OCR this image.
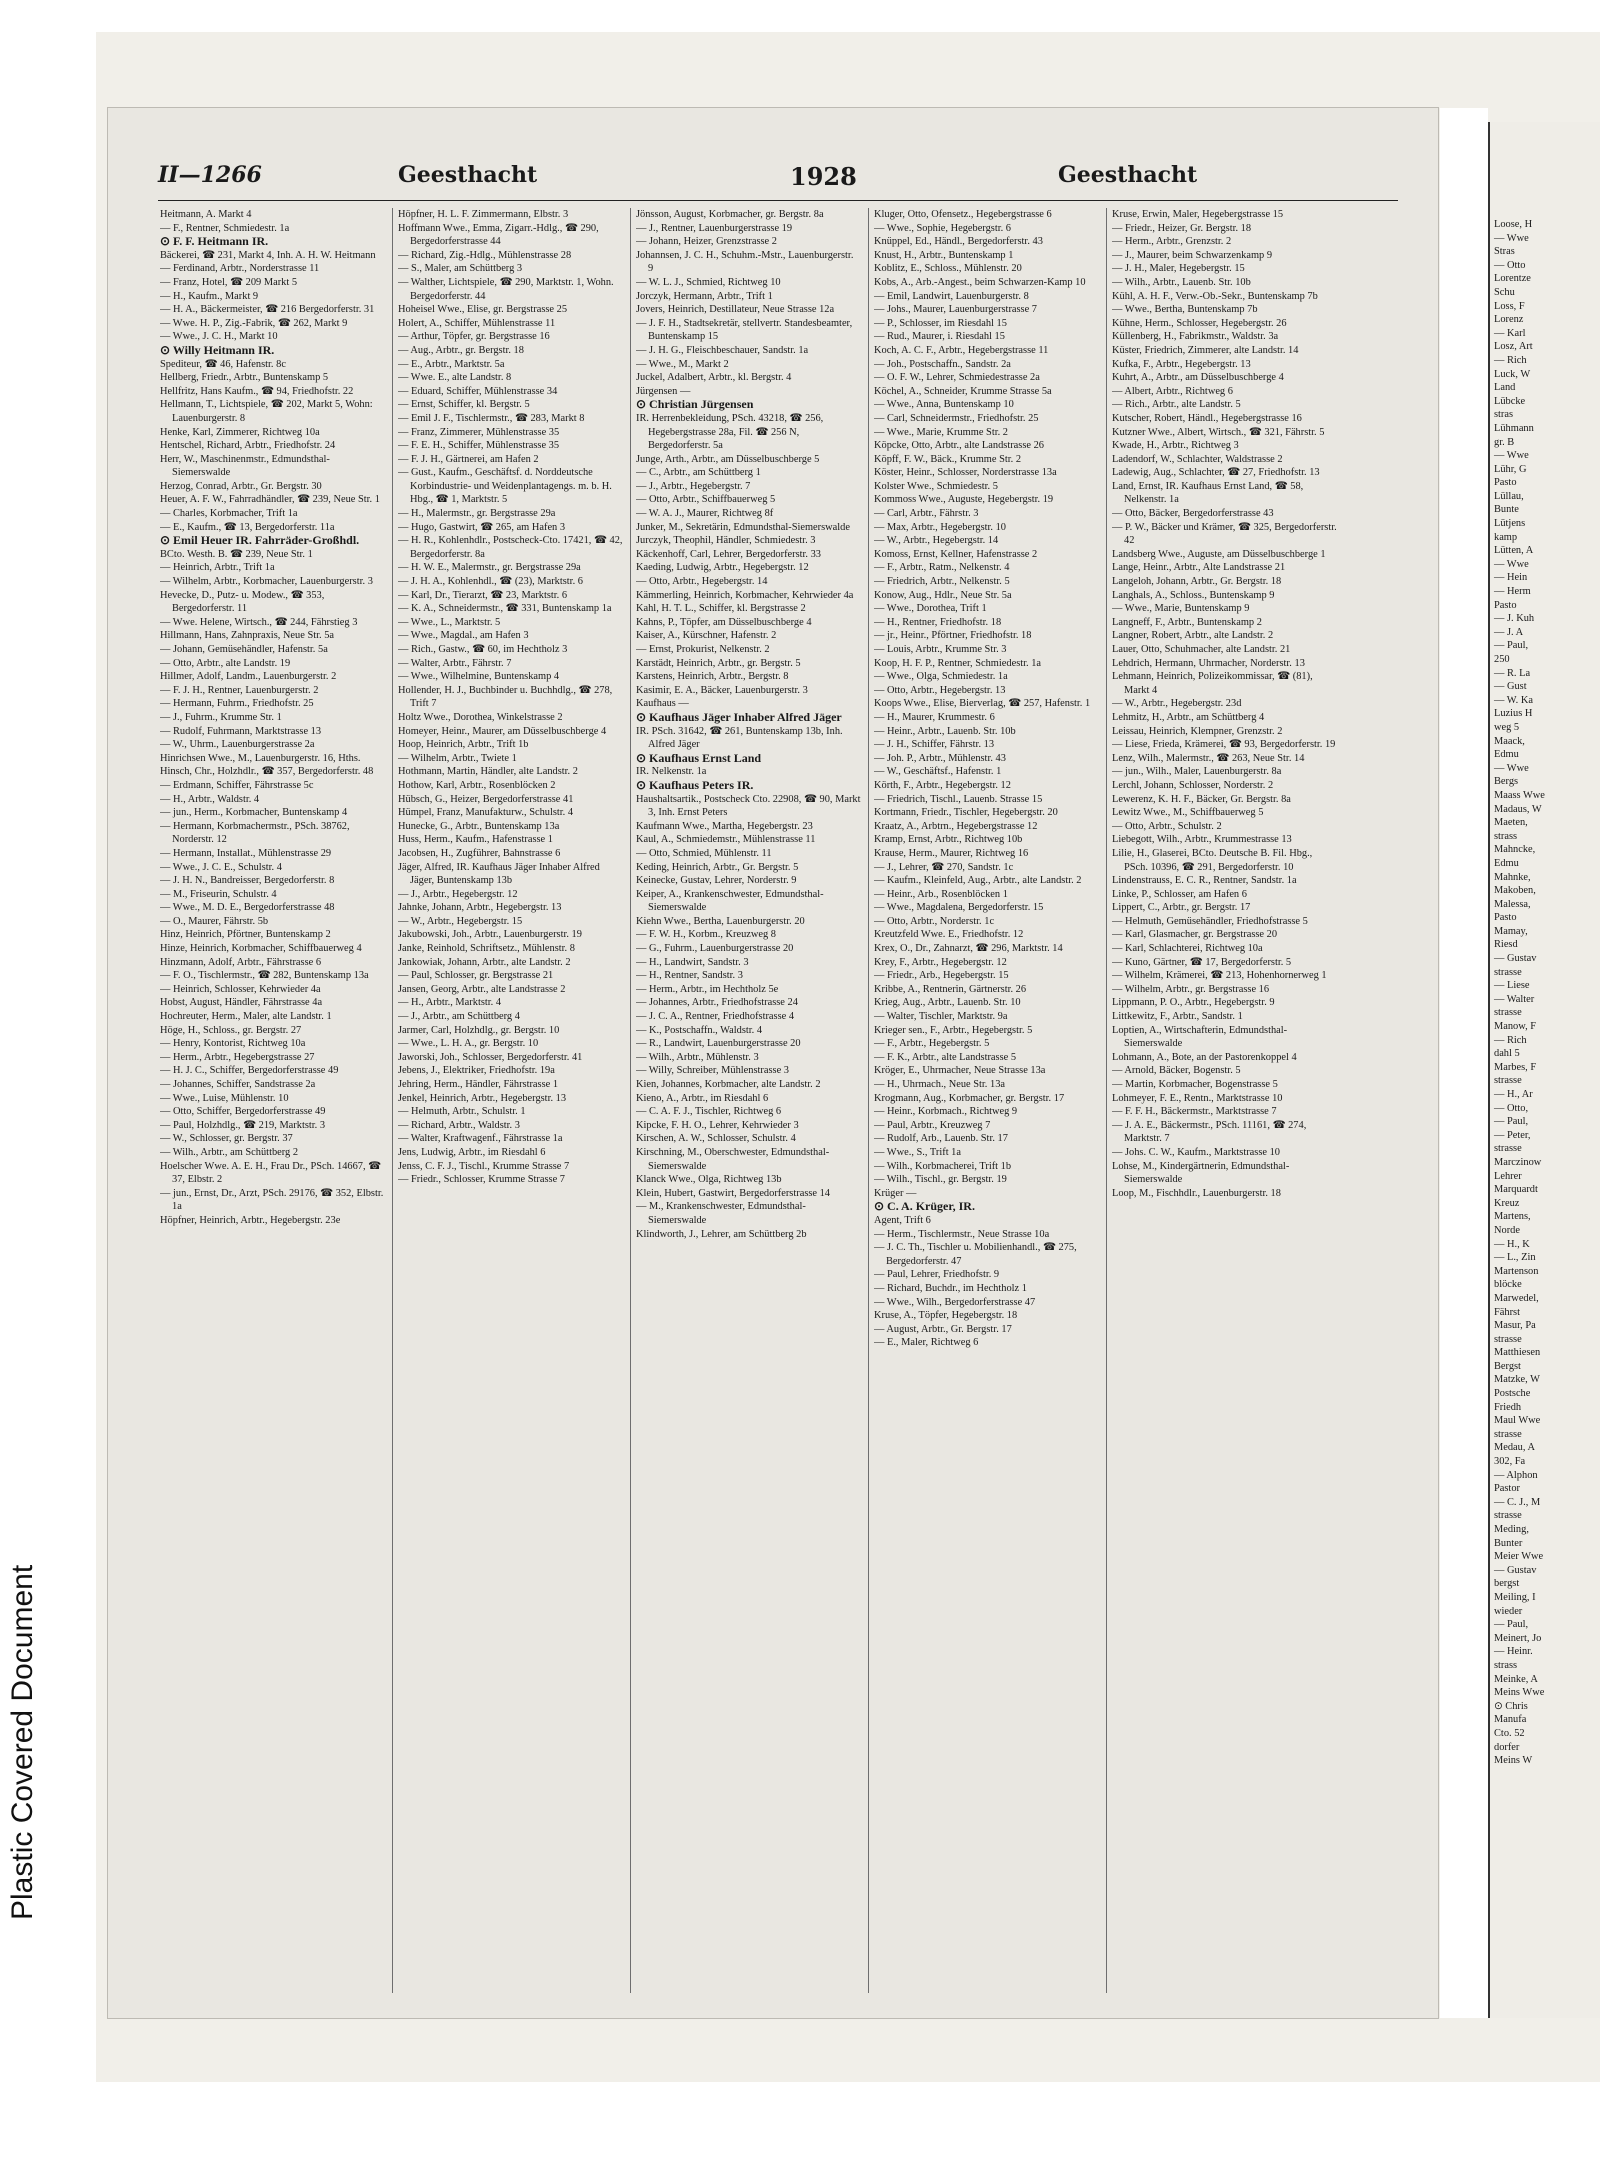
Plastic Covered Document
II—1266	Geesthacht	1928	Geesthacht
Heitmann, A. Markt 4
— F., Rentner, Schmiedestr. 1a
⊙ F. F. Heitmann IR.
Bäckerei, ☎ 231, Markt 4, Inh. A. H. W. Heitmann
— Ferdinand, Arbtr., Norderstrasse 11
— Franz, Hotel, ☎ 209 Markt 5
— H., Kaufm., Markt 9
— H. A., Bäckermeister, ☎ 216 Bergedorferstr. 31
— Wwe. H. P., Zig.-Fabrik, ☎ 262, Markt 9
— Wwe., J. C. H., Markt 10
⊙ Willy Heitmann IR.
Spediteur, ☎ 46, Hafenstr. 8c
Hellberg, Friedr., Arbtr., Buntenskamp 5
Hellfritz, Hans Kaufm., ☎ 94, Friedhofstr. 22
Hellmann, T., Lichtspiele, ☎ 202, Markt 5, Wohn: Lauenburgerstr. 8
Henke, Karl, Zimmerer, Richtweg 10a
Hentschel, Richard, Arbtr., Friedhofstr. 24
Herr, W., Maschinenmstr., Edmundsthal-Siemerswalde
Herzog, Conrad, Arbtr., Gr. Bergstr. 30
Heuer, A. F. W., Fahrradhändler, ☎ 239, Neue Str. 1
— Charles, Korbmacher, Trift 1a
— E., Kaufm., ☎ 13, Bergedorferstr. 11a
⊙ Emil Heuer IR. Fahrräder-Großhdl.
BCto. Westh. B. ☎ 239, Neue Str. 1
— Heinrich, Arbtr., Trift 1a
— Wilhelm, Arbtr., Korbmacher, Lauenburgerstr. 3
Hevecke, D., Putz- u. Modew., ☎ 353, Bergedorferstr. 11
— Wwe. Helene, Wirtsch., ☎ 244, Fährstieg 3
Hillmann, Hans, Zahnpraxis, Neue Str. 5a
— Johann, Gemüsehändler, Hafenstr. 5a
— Otto, Arbtr., alte Landstr. 19
Hillmer, Adolf, Landm., Lauenburgerstr. 2
— F. J. H., Rentner, Lauenburgerstr. 2
— Hermann, Fuhrm., Friedhofstr. 25
— J., Fuhrm., Krumme Str. 1
— Rudolf, Fuhrmann, Marktstrasse 13
— W., Uhrm., Lauenburgerstrasse 2a
Hinrichsen Wwe., M., Lauenburgerstr. 16, Hths.
Hinsch, Chr., Holzhdlr., ☎ 357, Bergedorferstr. 48
— Erdmann, Schiffer, Fährstrasse 5c
— H., Arbtr., Waldstr. 4
— jun., Herm., Korbmacher, Buntenskamp 4
— Hermann, Korbmachermstr., PSch. 38762, Norderstr. 12
— Hermann, Installat., Mühlenstrasse 29
— Wwe., J. C. E., Schulstr. 4
— J. H. N., Bandreisser, Bergedorferstr. 8
— M., Friseurin, Schulstr. 4
— Wwe., M. D. E., Bergedorferstrasse 48
— O., Maurer, Fährstr. 5b
Hinz, Heinrich, Pförtner, Buntenskamp 2
Hinze, Heinrich, Korbmacher, Schiffbauerweg 4
Hinzmann, Adolf, Arbtr., Fährstrasse 6
— F. O., Tischlermstr., ☎ 282, Buntenskamp 13a
— Heinrich, Schlosser, Kehrwieder 4a
Hobst, August, Händler, Fährstrasse 4a
Hochreuter, Herm., Maler, alte Landstr. 1
Höge, H., Schloss., gr. Bergstr. 27
— Henry, Kontorist, Richtweg 10a
— Herm., Arbtr., Hegebergstrasse 27
— H. J. C., Schiffer, Bergedorferstrasse 49
— Johannes, Schiffer, Sandstrasse 2a
— Wwe., Luise, Mühlenstr. 10
— Otto, Schiffer, Bergedorferstrasse 49
— Paul, Holzhdlg., ☎ 219, Marktstr. 3
— W., Schlosser, gr. Bergstr. 37
— Wilh., Arbtr., am Schüttberg 2
Hoelscher Wwe. A. E. H., Frau Dr., PSch. 14667, ☎ 37, Elbstr. 2
— jun., Ernst, Dr., Arzt, PSch. 29176, ☎ 352, Elbstr. 1a
Höpfner, Heinrich, Arbtr., Hegebergstr. 23e
Höpfner, H. L. F. Zimmermann, Elbstr. 3
Hoffmann Wwe., Emma, Zigarr.-Hdlg., ☎ 290, Bergedorferstrasse 44
— Richard, Zig.-Hdlg., Mühlenstrasse 28
— S., Maler, am Schüttberg 3
— Walther, Lichtspiele, ☎ 290, Marktstr. 1, Wohn. Bergedorferstr. 44
Hoheisel Wwe., Elise, gr. Bergstrasse 25
Holert, A., Schiffer, Mühlenstrasse 11
— Arthur, Töpfer, gr. Bergstrasse 16
— Aug., Arbtr., gr. Bergstr. 18
— E., Arbtr., Marktstr. 5a
— Wwe. E., alte Landstr. 8
— Eduard, Schiffer, Mühlenstrasse 34
— Ernst, Schiffer, kl. Bergstr. 5
— Emil J. F., Tischlermstr., ☎ 283, Markt 8
— Franz, Zimmerer, Mühlenstrasse 35
— F. E. H., Schiffer, Mühlenstrasse 35
— F. J. H., Gärtnerei, am Hafen 2
— Gust., Kaufm., Geschäftsf. d. Norddeutsche Korbindustrie- und Weidenplantagengs. m. b. H. Hbg., ☎ 1, Marktstr. 5
— H., Malermstr., gr. Bergstrasse 29a
— Hugo, Gastwirt, ☎ 265, am Hafen 3
— H. R., Kohlenhdlr., Postscheck-Cto. 17421, ☎ 42, Bergedorferstr. 8a
— H. W. E., Malermstr., gr. Bergstrasse 29a
— J. H. A., Kohlenhdl., ☎ (23), Marktstr. 6
— Karl, Dr., Tierarzt, ☎ 23, Marktstr. 6
— K. A., Schneidermstr., ☎ 331, Buntenskamp 1a
— Wwe., L., Marktstr. 5
— Wwe., Magdal., am Hafen 3
— Rich., Gastw., ☎ 60, im Hechtholz 3
— Walter, Arbtr., Fährstr. 7
— Wwe., Wilhelmine, Buntenskamp 4
Hollender, H. J., Buchbinder u. Buchhdlg., ☎ 278, Trift 7
Holtz Wwe., Dorothea, Winkelstrasse 2
Homeyer, Heinr., Maurer, am Düsselbuschberge 4
Hoop, Heinrich, Arbtr., Trift 1b
— Wilhelm, Arbtr., Twiete 1
Hothmann, Martin, Händler, alte Landstr. 2
Hothow, Karl, Arbtr., Rosenblöcken 2
Hübsch, G., Heizer, Bergedorferstrasse 41
Hümpel, Franz, Manufakturw., Schulstr. 4
Hunecke, G., Arbtr., Buntenskamp 13a
Huss, Herm., Kaufm., Hafenstrasse 1
Jacobsen, H., Zugführer, Bahnstrasse 6
Jäger, Alfred, IR. Kaufhaus Jäger Inhaber Alfred Jäger, Buntenskamp 13b
— J., Arbtr., Hegebergstr. 12
Jahnke, Johann, Arbtr., Hegebergstr. 13
— W., Arbtr., Hegebergstr. 15
Jakubowski, Joh., Arbtr., Lauenburgerstr. 19
Janke, Reinhold, Schriftsetz., Mühlenstr. 8
Jankowiak, Johann, Arbtr., alte Landstr. 2
— Paul, Schlosser, gr. Bergstrasse 21
Jansen, Georg, Arbtr., alte Landstrasse 2
— H., Arbtr., Marktstr. 4
— J., Arbtr., am Schüttberg 4
Jarmer, Carl, Holzhdlg., gr. Bergstr. 10
— Wwe., L. H. A., gr. Bergstr. 10
Jaworski, Joh., Schlosser, Bergedorferstr. 41
Jebens, J., Elektriker, Friedhofstr. 19a
Jehring, Herm., Händler, Fährstrasse 1
Jenkel, Heinrich, Arbtr., Hegebergstr. 13
— Helmuth, Arbtr., Schulstr. 1
— Richard, Arbtr., Waldstr. 3
— Walter, Kraftwagenf., Fährstrasse 1a
Jens, Ludwig, Arbtr., im Riesdahl 6
Jenss, C. F. J., Tischl., Krumme Strasse 7
— Friedr., Schlosser, Krumme Strasse 7
Jönsson, August, Korbmacher, gr. Bergstr. 8a
— J., Rentner, Lauenburgerstrasse 19
— Johann, Heizer, Grenzstrasse 2
Johannsen, J. C. H., Schuhm.-Mstr., Lauenburgerstr. 9
— W. L. J., Schmied, Richtweg 10
Jorczyk, Hermann, Arbtr., Trift 1
Jovers, Heinrich, Destillateur, Neue Strasse 12a
— J. F. H., Stadtsekretär, stellvertr. Standesbeamter, Buntenskamp 15
— J. H. G., Fleischbeschauer, Sandstr. 1a
— Wwe., M., Markt 2
Juckel, Adalbert, Arbtr., kl. Bergstr. 4
Jürgensen —
⊙ Christian Jürgensen
IR. Herrenbekleidung, PSch. 43218, ☎ 256, Hegebergstrasse 28a, Fil. ☎ 256 N, Bergedorferstr. 5a
Junge, Arth., Arbtr., am Düsselbuschberge 5
— C., Arbtr., am Schüttberg 1
— J., Arbtr., Hegebergstr. 7
— Otto, Arbtr., Schiffbauerweg 5
— W. A. J., Maurer, Richtweg 8f
Junker, M., Sekretärin, Edmundsthal-Siemerswalde
Jurczyk, Theophil, Händler, Schmiedestr. 3
Käckenhoff, Carl, Lehrer, Bergedorferstr. 33
Kaeding, Ludwig, Arbtr., Hegebergstr. 12
— Otto, Arbtr., Hegebergstr. 14
Kämmerling, Heinrich, Korbmacher, Kehrwieder 4a
Kahl, H. T. L., Schiffer, kl. Bergstrasse 2
Kahns, P., Töpfer, am Düsselbuschberge 4
Kaiser, A., Kürschner, Hafenstr. 2
— Ernst, Prokurist, Nelkenstr. 2
Karstädt, Heinrich, Arbtr., gr. Bergstr. 5
Karstens, Heinrich, Arbtr., Bergstr. 8
Kasimir, E. A., Bäcker, Lauenburgerstr. 3
Kaufhaus —
⊙ Kaufhaus Jäger Inhaber Alfred Jäger
IR. PSch. 31642, ☎ 261, Buntenskamp 13b, Inh. Alfred Jäger
⊙ Kaufhaus Ernst Land
IR. Nelkenstr. 1a
⊙ Kaufhaus Peters IR.
Haushaltsartik., Postscheck Cto. 22908, ☎ 90, Markt 3, Inh. Ernst Peters
Kaufmann Wwe., Martha, Hegebergstr. 23
Kaul, A., Schmiedemstr., Mühlenstrasse 11
— Otto, Schmied, Mühlenstr. 11
Keding, Heinrich, Arbtr., Gr. Bergstr. 5
Keinecke, Gustav, Lehrer, Norderstr. 9
Keiper, A., Krankenschwester, Edmundsthal-Siemerswalde
Kiehn Wwe., Bertha, Lauenburgerstr. 20
— F. W. H., Korbm., Kreuzweg 8
— G., Fuhrm., Lauenburgerstrasse 20
— H., Landwirt, Sandstr. 3
— H., Rentner, Sandstr. 3
— Herm., Arbtr., im Hechtholz 5e
— Johannes, Arbtr., Friedhofstrasse 24
— J. C. A., Rentner, Friedhofstrasse 4
— K., Postschaffn., Waldstr. 4
— R., Landwirt, Lauenburgerstrasse 20
— Wilh., Arbtr., Mühlenstr. 3
— Willy, Schreiber, Mühlenstrasse 3
Kien, Johannes, Korbmacher, alte Landstr. 2
Kieno, A., Arbtr., im Riesdahl 6
— C. A. F. J., Tischler, Richtweg 6
Kipcke, F. H. O., Lehrer, Kehrwieder 3
Kirschen, A. W., Schlosser, Schulstr. 4
Kirschning, M., Oberschwester, Edmundsthal-Siemerswalde
Klanck Wwe., Olga, Richtweg 13b
Klein, Hubert, Gastwirt, Bergedorferstrasse 14
— M., Krankenschwester, Edmundsthal-Siemerswalde
Klindworth, J., Lehrer, am Schüttberg 2b
Kluger, Otto, Ofensetz., Hegebergstrasse 6
— Wwe., Sophie, Hegebergstr. 6
Knüppel, Ed., Händl., Bergedorferstr. 43
Knust, H., Arbtr., Buntenskamp 1
Koblitz, E., Schloss., Mühlenstr. 20
Kobs, A., Arb.-Angest., beim Schwarzen-Kamp 10
— Emil, Landwirt, Lauenburgerstr. 8
— Johs., Maurer, Lauenburgerstrasse 7
— P., Schlosser, im Riesdahl 15
— Rud., Maurer, i. Riesdahl 15
Koch, A. C. F., Arbtr., Hegebergstrasse 11
— Joh., Postschaffn., Sandstr. 2a
— O. F. W., Lehrer, Schmiedestrasse 2a
Köchel, A., Schneider, Krumme Strasse 5a
— Wwe., Anna, Buntenskamp 10
— Carl, Schneidermstr., Friedhofstr. 25
— Wwe., Marie, Krumme Str. 2
Köpcke, Otto, Arbtr., alte Landstrasse 26
Köpff, F. W., Bäck., Krumme Str. 2
Köster, Heinr., Schlosser, Norderstrasse 13a
Kolster Wwe., Schmiedestr. 5
Kommoss Wwe., Auguste, Hegebergstr. 19
— Carl, Arbtr., Fährstr. 3
— Max, Arbtr., Hegebergstr. 10
— W., Arbtr., Hegebergstr. 14
Komoss, Ernst, Kellner, Hafenstrasse 2
— F., Arbtr., Ratm., Nelkenstr. 4
— Friedrich, Arbtr., Nelkenstr. 5
Konow, Aug., Hdlr., Neue Str. 5a
— Wwe., Dorothea, Trift 1
— H., Rentner, Friedhofstr. 18
— jr., Heinr., Pförtner, Friedhofstr. 18
— Louis, Arbtr., Krumme Str. 3
Koop, H. F. P., Rentner, Schmiedestr. 1a
— Wwe., Olga, Schmiedestr. 1a
— Otto, Arbtr., Hegebergstr. 13
Koops Wwe., Elise, Bierverlag, ☎ 257, Hafenstr. 1
— H., Maurer, Krummestr. 6
— Heinr., Arbtr., Lauenb. Str. 10b
— J. H., Schiffer, Fährstr. 13
— Joh. P., Arbtr., Mühlenstr. 43
— W., Geschäftsf., Hafenstr. 1
Körth, F., Arbtr., Hegebergstr. 12
— Friedrich, Tischl., Lauenb. Strasse 15
Kortmann, Friedr., Tischler, Hegebergstr. 20
Kraatz, A., Arbtrn., Hegebergstrasse 12
Kramp, Ernst, Arbtr., Richtweg 10b
Krause, Herm., Maurer, Richtweg 16
— J., Lehrer, ☎ 270, Sandstr. 1c
— Kaufm., Kleinfeld, Aug., Arbtr., alte Landstr. 2
— Heinr., Arb., Rosenblöcken 1
— Wwe., Magdalena, Bergedorferstr. 15
— Otto, Arbtr., Norderstr. 1c
Kreutzfeld Wwe. E., Friedhofstr. 12
Krex, O., Dr., Zahnarzt, ☎ 296, Marktstr. 14
Krey, F., Arbtr., Hegebergstr. 12
— Friedr., Arb., Hegebergstr. 15
Kribbe, A., Rentnerin, Gärtnerstr. 26
Krieg, Aug., Arbtr., Lauenb. Str. 10
— Walter, Tischler, Marktstr. 9a
Krieger sen., F., Arbtr., Hegebergstr. 5
— F., Arbtr., Hegebergstr. 5
— F. K., Arbtr., alte Landstrasse 5
Kröger, E., Uhrmacher, Neue Strasse 13a
— H., Uhrmach., Neue Str. 13a
Krogmann, Aug., Korbmacher, gr. Bergstr. 17
— Heinr., Korbmach., Richtweg 9
— Paul, Arbtr., Kreuzweg 7
— Rudolf, Arb., Lauenb. Str. 17
— Wwe., S., Trift 1a
— Wilh., Korbmacherei, Trift 1b
— Wilh., Tischl., gr. Bergstr. 19
Krüger —
⊙ C. A. Krüger, IR.
Agent, Trift 6
— Herm., Tischlermstr., Neue Strasse 10a
— J. C. Th., Tischler u. Mobilienhandl., ☎ 275, Bergedorferstr. 47
— Paul, Lehrer, Friedhofstr. 9
— Richard, Buchdr., im Hechtholz 1
— Wwe., Wilh., Bergedorferstrasse 47
Kruse, A., Töpfer, Hegebergstr. 18
— August, Arbtr., Gr. Bergstr. 17
— E., Maler, Richtweg 6
Kruse, Erwin, Maler, Hegebergstrasse 15
— Friedr., Heizer, Gr. Bergstr. 18
— Herm., Arbtr., Grenzstr. 2
— J., Maurer, beim Schwarzenkamp 9
— J. H., Maler, Hegebergstr. 15
— Wilh., Arbtr., Lauenb. Str. 10b
Kühl, A. H. F., Verw.-Ob.-Sekr., Buntenskamp 7b
— Wwe., Bertha, Buntenskamp 7b
Kühne, Herm., Schlosser, Hegebergstr. 26
Küllenberg, H., Fabrikmstr., Waldstr. 3a
Küster, Friedrich, Zimmerer, alte Landstr. 14
Kufka, F., Arbtr., Hegebergstr. 13
Kuhrt, A., Arbtr., am Düsselbuschberge 4
— Albert, Arbtr., Richtweg 6
— Rich., Arbtr., alte Landstr. 5
Kutscher, Robert, Händl., Hegebergstrasse 16
Kutzner Wwe., Albert, Wirtsch., ☎ 321, Fährstr. 5
Kwade, H., Arbtr., Richtweg 3
Ladendorf, W., Schlachter, Waldstrasse 2
Ladewig, Aug., Schlachter, ☎ 27, Friedhofstr. 13
Land, Ernst, IR. Kaufhaus Ernst Land, ☎ 58, Nelkenstr. 1a
— Otto, Bäcker, Bergedorferstrasse 43
— P. W., Bäcker und Krämer, ☎ 325, Bergedorferstr. 42
Landsberg Wwe., Auguste, am Düsselbuschberge 1
Lange, Heinr., Arbtr., Alte Landstrasse 21
Langeloh, Johann, Arbtr., Gr. Bergstr. 18
Langhals, A., Schloss., Buntenskamp 9
— Wwe., Marie, Buntenskamp 9
Langneff, F., Arbtr., Buntenskamp 2
Langner, Robert, Arbtr., alte Landstr. 2
Lauer, Otto, Schuhmacher, alte Landstr. 21
Lehdrich, Hermann, Uhrmacher, Norderstr. 13
Lehmann, Heinrich, Polizeikommissar, ☎ (81), Markt 4
— W., Arbtr., Hegebergstr. 23d
Lehmitz, H., Arbtr., am Schüttberg 4
Leissau, Heinrich, Klempner, Grenzstr. 2
— Liese, Frieda, Krämerei, ☎ 93, Bergedorferstr. 19
Lenz, Wilh., Malermstr., ☎ 263, Neue Str. 14
— jun., Wilh., Maler, Lauenburgerstr. 8a
Lerchl, Johann, Schlosser, Norderstr. 2
Lewerenz, K. H. F., Bäcker, Gr. Bergstr. 8a
Lewitz Wwe., M., Schiffbauerweg 5
— Otto, Arbtr., Schulstr. 2
Liebegott, Wilh., Arbtr., Krummestrasse 13
Lilie, H., Glaserei, BCto. Deutsche B. Fil. Hbg., PSch. 10396, ☎ 291, Bergedorferstr. 10
Lindenstrauss, E. C. R., Rentner, Sandstr. 1a
Linke, P., Schlosser, am Hafen 6
Lippert, C., Arbtr., gr. Bergstr. 17
— Helmuth, Gemüsehändler, Friedhofstrasse 5
— Karl, Glasmacher, gr. Bergstrasse 20
— Karl, Schlachterei, Richtweg 10a
— Kuno, Gärtner, ☎ 17, Bergedorferstr. 5
— Wilhelm, Krämerei, ☎ 213, Hohenhornerweg 1
— Wilhelm, Arbtr., gr. Bergstrasse 16
Lippmann, P. O., Arbtr., Hegebergstr. 9
Littkewitz, F., Arbtr., Sandstr. 1
Loptien, A., Wirtschafterin, Edmundsthal-Siemerswalde
Lohmann, A., Bote, an der Pastorenkoppel 4
— Arnold, Bäcker, Bogenstr. 5
— Martin, Korbmacher, Bogenstrasse 5
Lohmeyer, F. E., Rentn., Marktstrasse 10
— F. F. H., Bäckermstr., Marktstrasse 7
— J. A. E., Bäckermstr., PSch. 11161, ☎ 274, Marktstr. 7
— Johs. C. W., Kaufm., Marktstrasse 10
Lohse, M., Kindergärtnerin, Edmundsthal-Siemerswalde
Loop, M., Fischhdlr., Lauenburgerstr. 18
Loose, H
— Wwe
Stras
— Otto
Lorentze
Schu
Loss, F
Lorenz
— Karl
Losz, Art
— Rich
Luck, W
Land
Lübcke
stras
Lühmann
gr. B
— Wwe
Lühr, G
Pasto
Lüllau,
Bunte
Lütjens
kamp
Lütten, A
— Wwe
— Hein
— Herm
Pasto
— J. Kuh
— J. A
— Paul,
250
— R. La
— Gust
— W. Ka
Luzius H
weg 5
Maack,
Edmu
— Wwe
Bergs
Maass Wwe
Madaus, W
Maeten,
strass
Mahncke,
Edmu
Mahnke,
Makoben,
Malessa,
Pasto
Mamay,
Riesd
— Gustav
strasse
— Liese
— Walter
strasse
Manow, F
— Rich
dahl 5
Marbes, F
strasse
— H., Ar
— Otto,
— Paul,
— Peter,
strasse
Marczinow
Lehrer
Marquardt
Kreuz
Martens,
Norde
— H., K
— L., Zin
Martenson
blöcke
Marwedel,
Fährst
Masur, Pa
strasse
Matthiesen
Bergst
Matzke, W
Postsche
Friedh
Maul Wwe
strasse
Medau, A
302, Fa
— Alphon
Pastor
— C. J., M
strasse
Meding,
Bunter
Meier Wwe
— Gustav
bergst
Meiling, I
wieder
— Paul,
Meinert, Jo
— Heinr.
strass
Meinke, A
Meins Wwe
⊙ Chris
Manufa
Cto. 52
dorfer
Meins W
